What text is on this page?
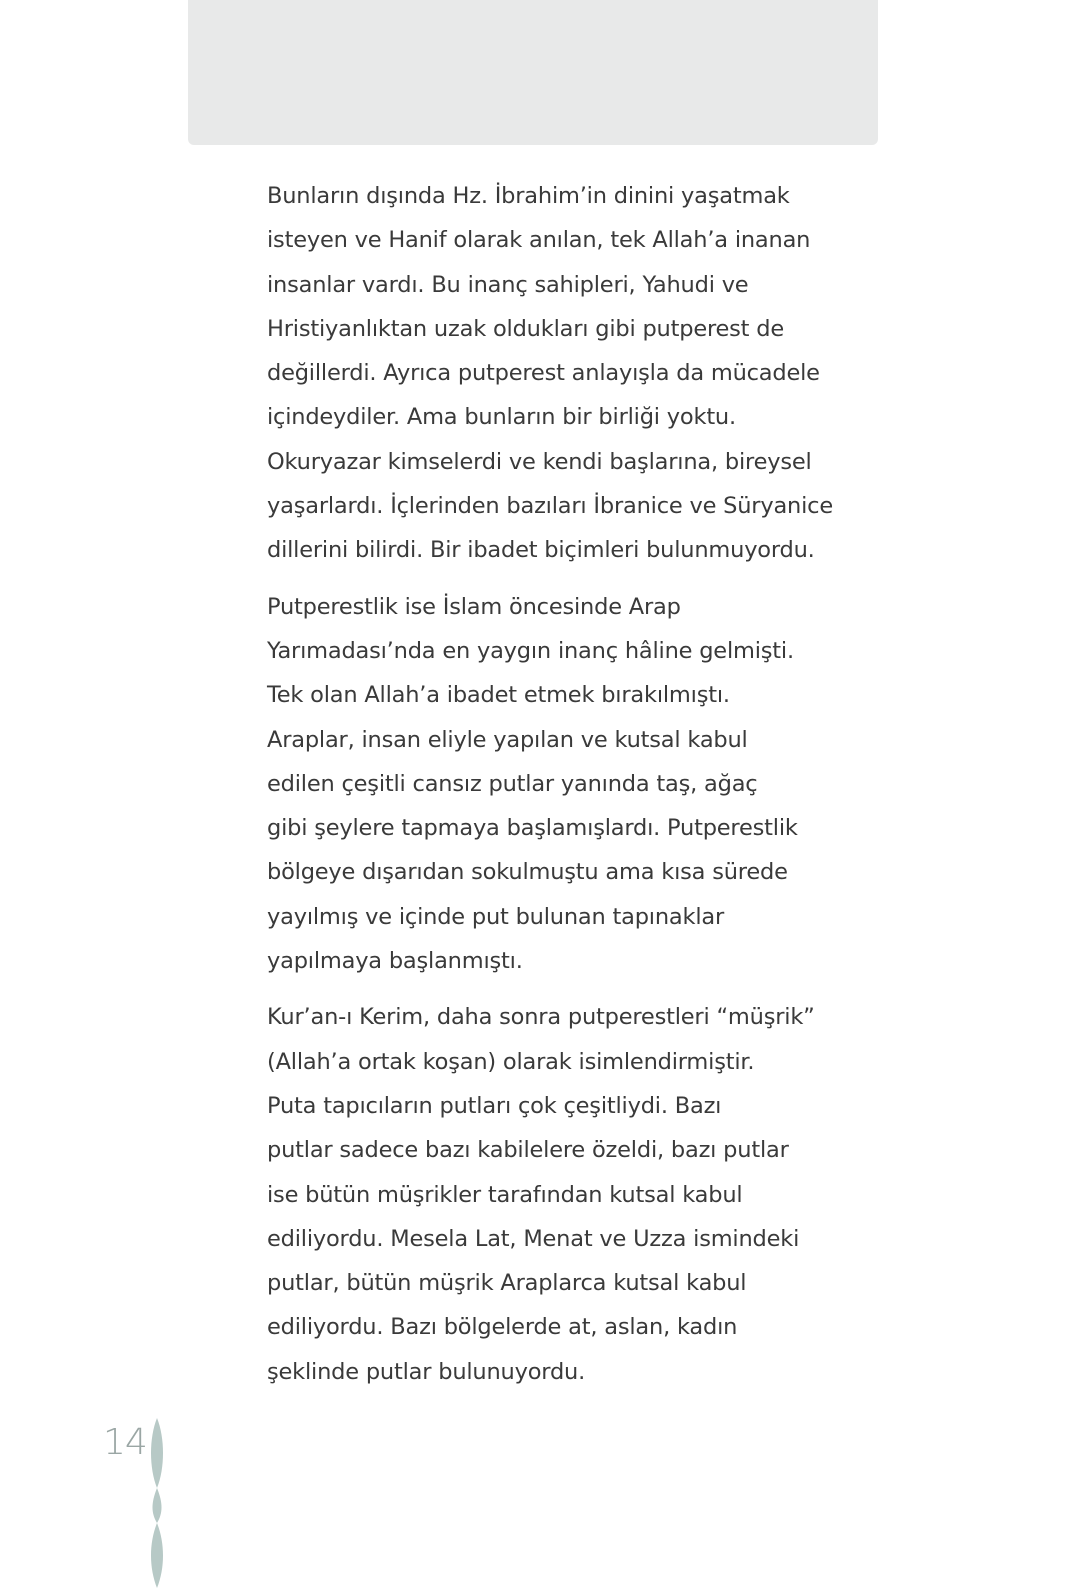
Bunların dışında Hz. İbrahim’in dinini yaşatmak
isteyen ve Hanif olarak anılan, tek Allah’a inanan
insanlar vardı. Bu inanç sahipleri, Yahudi ve
Hristiyanlıktan uzak oldukları gibi putperest de
değillerdi. Ayrıca putperest anlayışla da mücadele
içindeydiler. Ama bunların bir birliği yoktu.
Okuryazar kimselerdi ve kendi başlarına, bireysel
yaşarlardı. İçlerinden bazıları İbranice ve Süryanice
dillerini bilirdi. Bir ibadet biçimleri bulunmuyordu.

Putperestlik ise İslam öncesinde Arap
Yarımadası’nda en yaygın inanç hâline gelmişti.
Tek olan Allah’a ibadet etmek bırakılmıştı.
Araplar, insan eliyle yapılan ve kutsal kabul
edilen çeşitli cansız putlar yanında taş, ağaç
gibi şeylere tapmaya başlamışlardı. Putperestlik
bölgeye dışarıdan sokulmuştu ama kısa sürede
yayılmış ve içinde put bulunan tapınaklar
yapılmaya başlanmıştı.

Kur’an-ı Kerim, daha sonra putperestleri “müşrik”
(Allah’a ortak koşan) olarak isimlendirmiştir.
Puta tapıcıların putları çok çeşitliydi. Bazı
putlar sadece bazı kabilelere özeldi, bazı putlar
ise bütün müşrikler tarafından kutsal kabul
ediliyordu. Mesela Lat, Menat ve Uzza ismindeki
putlar, bütün müşrik Araplarca kutsal kabul
ediliyordu. Bazı bölgelerde at, aslan, kadın
şeklinde putlar bulunuyordu.

14
